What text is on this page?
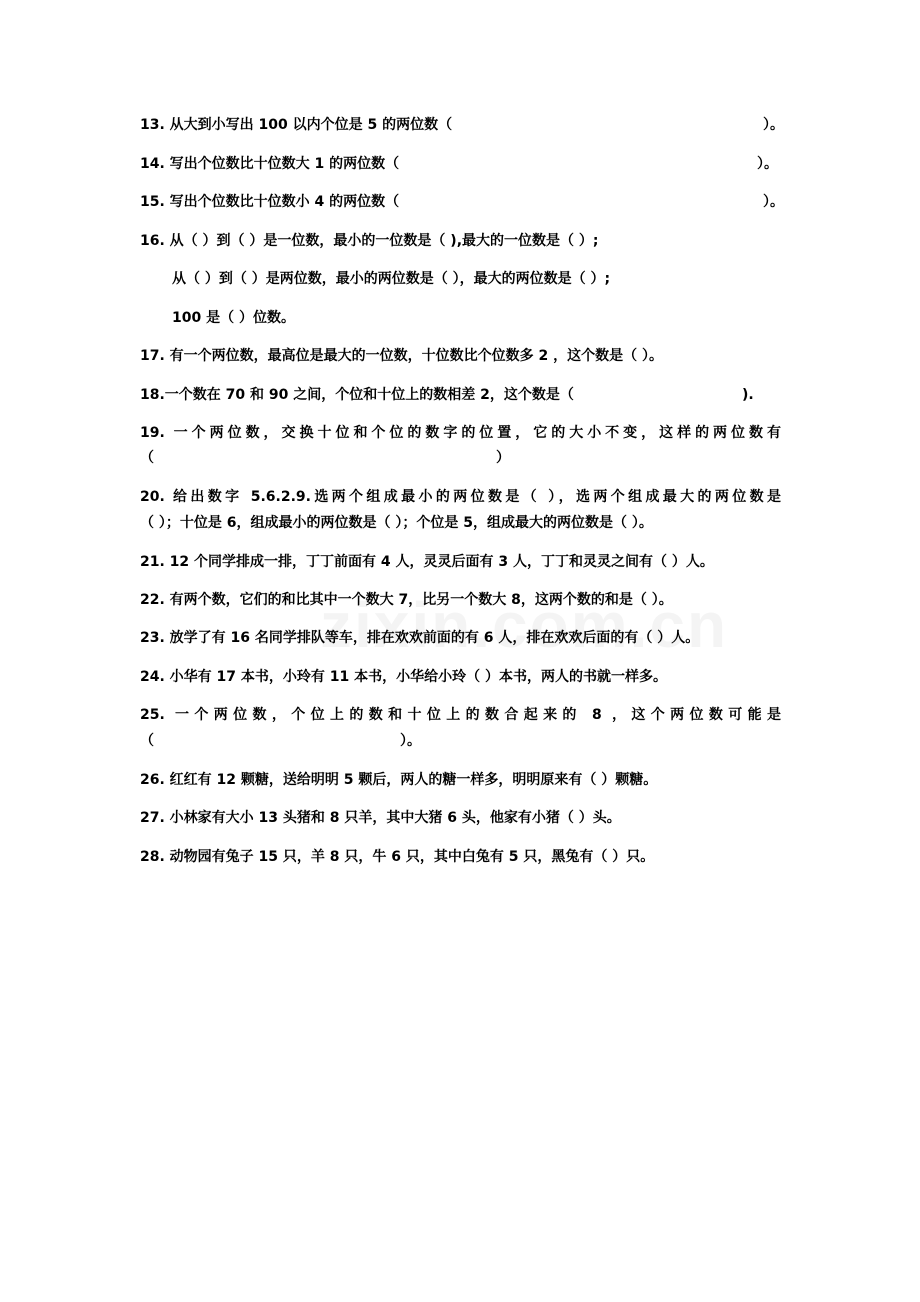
13. 从大到小写出 100 以内个位是 5 的两位数（	）。

14. 写出个位数比十位数大 1 的两位数（	）。

15. 写出个位数比十位数小 4 的两位数（	）。

16. 从（ ）到（ ）是一位数，最小的一位数是（ ),最大的一位数是（ ）;

从（ ）到（ ）是两位数，最小的两位数是（ ），最大的两位数是（ ）;

100 是（ ）位数。

17. 有一个两位数，最高位是最大的一位数，十位数比个位数多 2 ，这个数是（ ）。

18.一个数在 70 和 90 之间，个位和十位上的数相差 2，这个数是（	).

19. 一个两位数，交换十位和个位的数字的位置，它的大小不变，这样的两位数有

（	）

20. 给出数字 5.6.2.9.选两个组成最小的两位数是（ ），选两个组成最大的两位数是

（ ）；十位是 6，组成最小的两位数是（ ）；个位是 5，组成最大的两位数是（ ）。

21. 12 个同学排成一排，丁丁前面有 4 人，灵灵后面有 3 人，丁丁和灵灵之间有（ ）人。

22. 有两个数，它们的和比其中一个数大 7，比另一个数大 8，这两个数的和是（ ）。

23. 放学了有 16 名同学排队等车，排在欢欢前面的有 6 人，排在欢欢后面的有（ ）人。

24. 小华有 17 本书，小玲有 11 本书，小华给小玲（ ）本书，两人的书就一样多。

25. 一个两位数，个位上的数和十位上的数合起来的 8 ，这个两位数可能是

（	）。

26. 红红有 12 颗糖，送给明明 5 颗后，两人的糖一样多，明明原来有（ ）颗糖。

27. 小林家有大小 13 头猪和 8 只羊，其中大猪 6 头，他家有小猪（ ）头。

28. 动物园有兔子 15 只，羊 8 只，牛 6 只，其中白兔有 5 只，黑兔有（ ）只。
